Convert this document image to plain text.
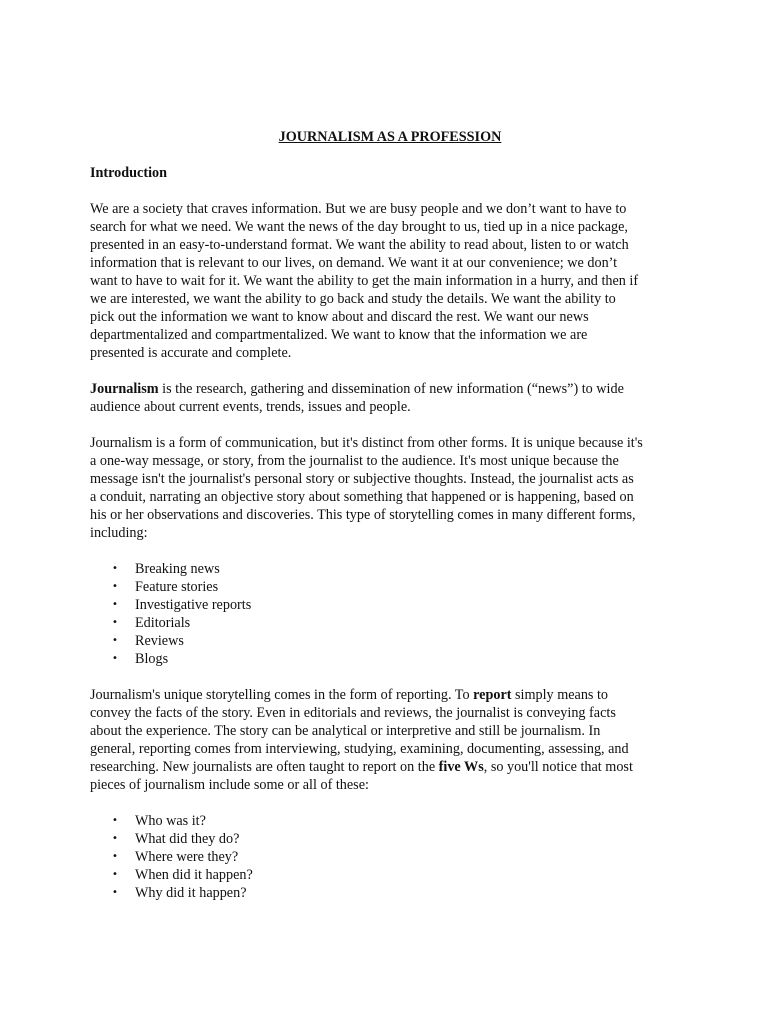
JOURNALISM AS A PROFESSION
Introduction

We are a society that craves information. But we are busy people and we don’t want to have to
search for what we need. We want the news of the day brought to us, tied up in a nice package,
presented in an easy-to-understand format. We want the ability to read about, listen to or watch
information that is relevant to our lives, on demand. We want it at our convenience; we don’t
want to have to wait for it. We want the ability to get the main information in a hurry, and then if
we are interested, we want the ability to go back and study the details. We want the ability to
pick out the information we want to know about and discard the rest. We want our news
departmentalized and compartmentalized. We want to know that the information we are
presented is accurate and complete.

Journalism is the research, gathering and dissemination of new information (“news”) to wide
audience about current events, trends, issues and people.

Journalism is a form of communication, but it's distinct from other forms. It is unique because it's
a one-way message, or story, from the journalist to the audience. It's most unique because the
message isn't the journalist's personal story or subjective thoughts. Instead, the journalist acts as
a conduit, narrating an objective story about something that happened or is happening, based on
his or her observations and discoveries. This type of storytelling comes in many different forms,
including:

• Breaking news
• Feature stories
• Investigative reports
• Editorials
• Reviews
• Blogs

Journalism's unique storytelling comes in the form of reporting. To report simply means to
convey the facts of the story. Even in editorials and reviews, the journalist is conveying facts
about the experience. The story can be analytical or interpretive and still be journalism. In
general, reporting comes from interviewing, studying, examining, documenting, assessing, and
researching. New journalists are often taught to report on the five Ws, so you'll notice that most
pieces of journalism include some or all of these:

• Who was it?
• What did they do?
• Where were they?
• When did it happen?
• Why did it happen?
